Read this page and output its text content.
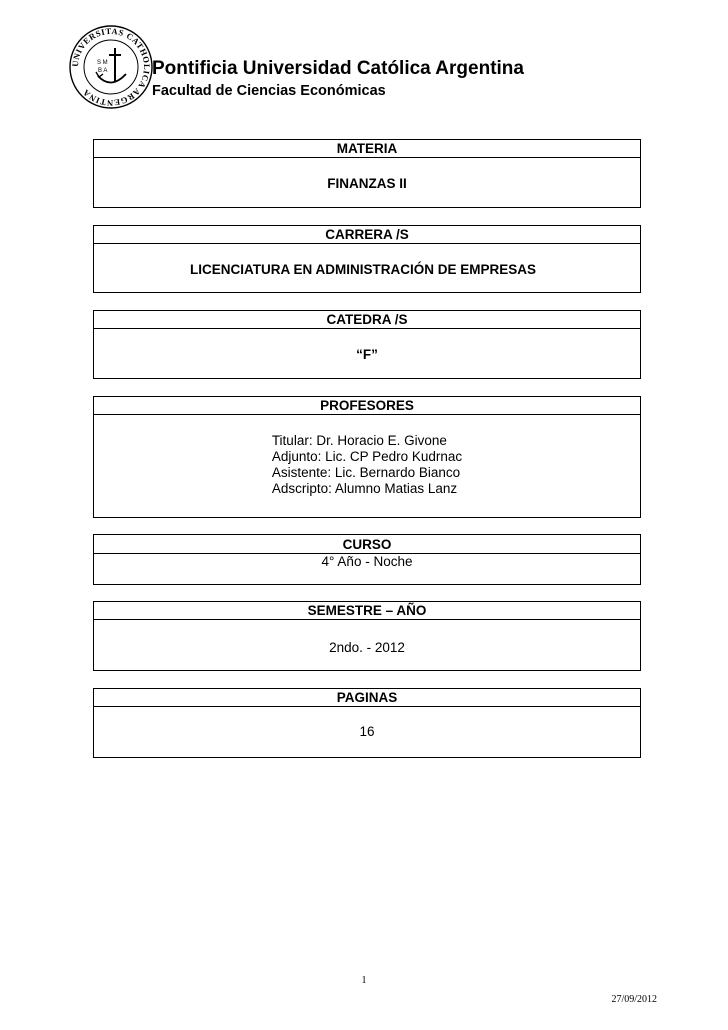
UNIVERSITAS CATHOLICA ARGENTINA
S M
B A Pontificia Universidad Católica Argentina
Facultad de Ciencias Económicas
MATERIA
FINANZAS II
CARRERA /S
LICENCIATURA EN ADMINISTRACIÓN DE EMPRESAS
CATEDRA /S
“F”
PROFESORES
Titular: Dr. Horacio E. Givone
Adjunto: Lic. CP Pedro Kudrnac
Asistente: Lic. Bernardo Bianco
Adscripto: Alumno Matias Lanz
CURSO
4° Año - Noche
SEMESTRE – AÑO
2ndo. - 2012
PAGINAS
16
1
27/09/2012
